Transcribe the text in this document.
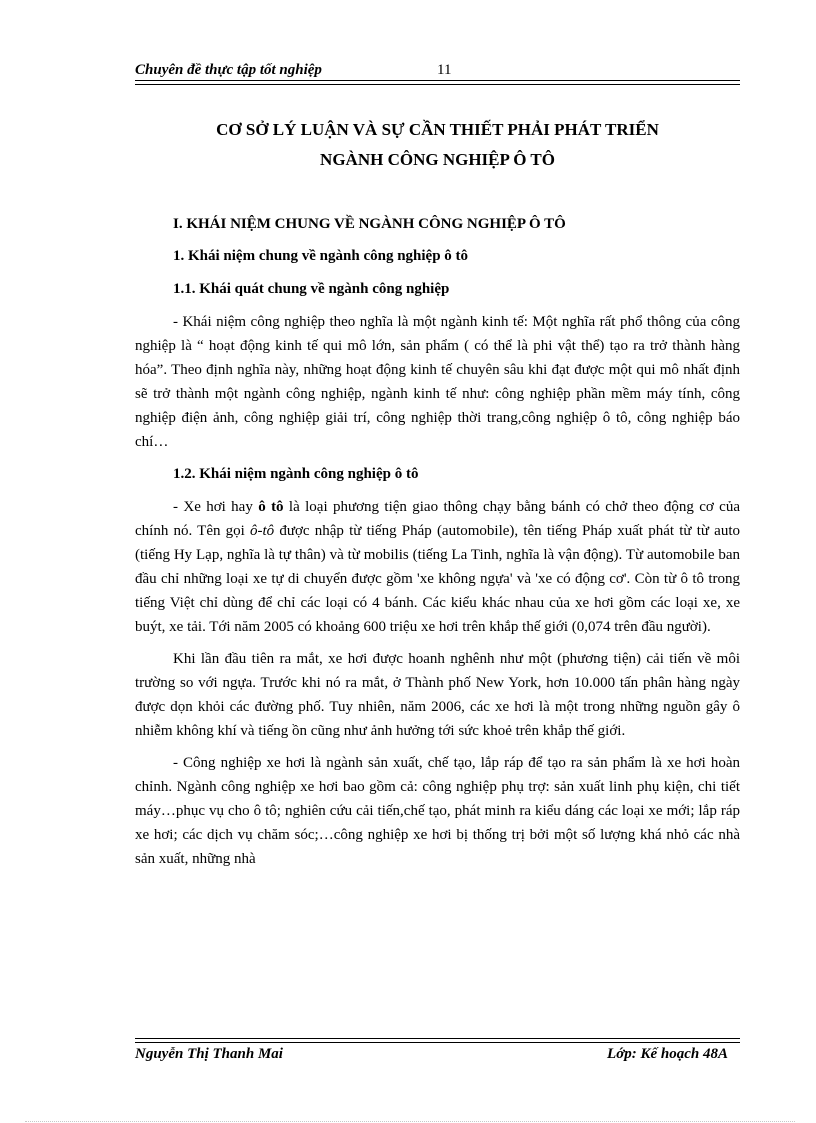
Chuyên đề thực tập tốt nghiệp	11
CƠ SỞ LÝ LUẬN VÀ SỰ CẦN THIẾT PHẢI PHÁT TRIỂN
NGÀNH CÔNG NGHIỆP Ô TÔ
I. KHÁI NIỆM CHUNG VỀ NGÀNH CÔNG NGHIỆP Ô TÔ
1. Khái niệm chung về ngành công nghiệp ô tô
1.1. Khái quát chung về ngành công nghiệp

- Khái niệm công nghiệp theo nghĩa là một ngành kinh tế: Một nghĩa rất phổ thông của công nghiệp là “ hoạt động kinh tế qui mô lớn, sản phẩm ( có thể là phi vật thể) tạo ra trở thành hàng hóa”. Theo định nghĩa này, những hoạt động kinh tế chuyên sâu khi đạt được một qui mô nhất định sẽ trở thành một ngành công nghiệp, ngành kinh tế như: công nghiệp phần mềm máy tính, công nghiệp điện ảnh, công nghiệp giải trí, công nghiệp thời trang,công nghiệp ô tô, công nghiệp báo chí…

1.2. Khái niệm ngành công nghiệp ô tô

- Xe hơi hay ô tô là loại phương tiện giao thông chạy bằng bánh có chở theo động cơ của chính nó. Tên gọi ô-tô được nhập từ tiếng Pháp (automobile), tên tiếng Pháp xuất phát từ từ auto (tiếng Hy Lạp, nghĩa là tự thân) và từ mobilis (tiếng La Tinh, nghĩa là vận động). Từ automobile ban đầu chỉ những loại xe tự di chuyển được gồm 'xe không ngựa' và 'xe có động cơ'. Còn từ ô tô trong tiếng Việt chỉ dùng để chỉ các loại có 4 bánh. Các kiểu khác nhau của xe hơi gồm các loại xe, xe buýt, xe tải. Tới năm 2005 có khoảng 600 triệu xe hơi trên khắp thế giới (0,074 trên đầu người).

Khi lần đầu tiên ra mắt, xe hơi được hoanh nghênh như một (phương tiện) cải tiến về môi trường so với ngựa. Trước khi nó ra mắt, ở Thành phố New York, hơn 10.000 tấn phân hàng ngày được dọn khỏi các đường phố. Tuy nhiên, năm 2006, các xe hơi là một trong những nguồn gây ô nhiễm không khí và tiếng ồn cũng như ảnh hưởng tới sức khoẻ trên khắp thế giới.

- Công nghiệp xe hơi là ngành sản xuất, chế tạo, lắp ráp để tạo ra sản phẩm là xe hơi hoàn chỉnh. Ngành công nghiệp xe hơi bao gồm cả: công nghiệp phụ trợ: sản xuất linh phụ kiện, chi tiết máy…phục vụ cho ô tô; nghiên cứu cải tiến,chế tạo, phát minh ra kiểu dáng các loại xe mới; lắp ráp xe hơi; các dịch vụ chăm sóc;…công nghiệp xe hơi bị thống trị bởi một số lượng khá nhỏ các nhà sản xuất, những nhà

Nguyễn Thị Thanh Mai	Lớp: Kế hoạch 48A
